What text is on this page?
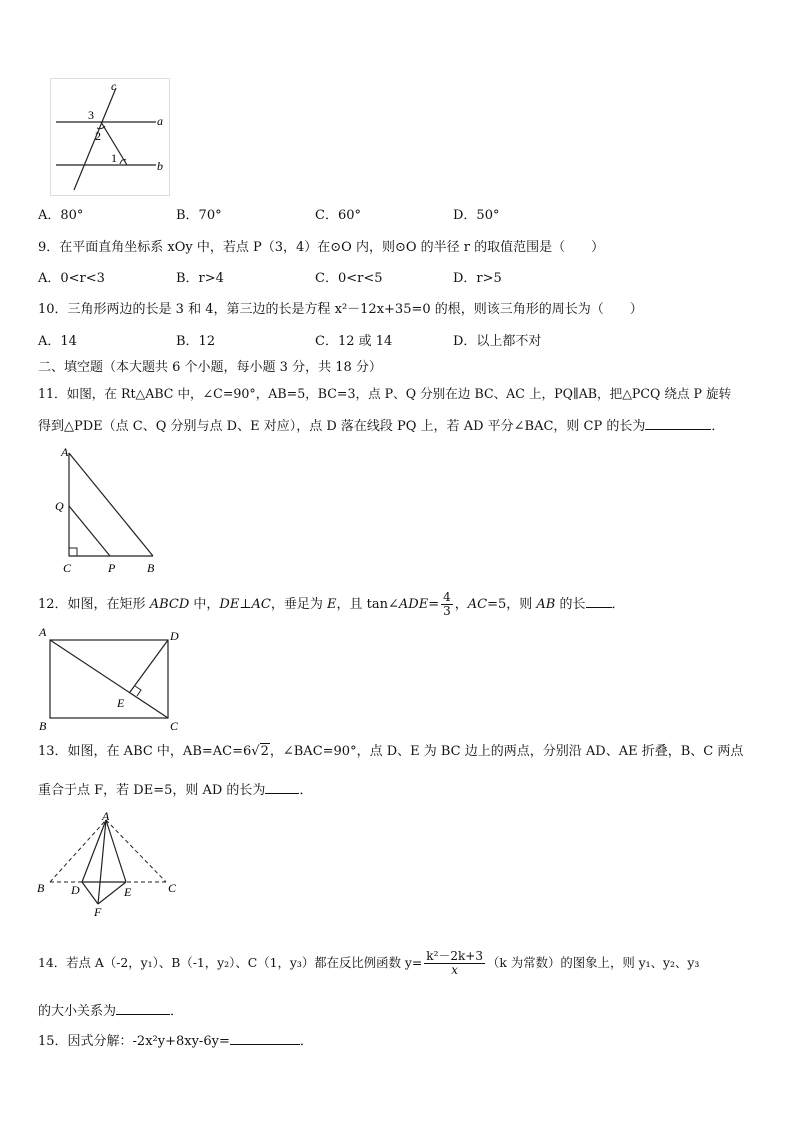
c
a
b
3
2
1
A．80°	B．70°	C．60°	D．50°
9．在平面直角坐标系 xOy 中，若点 P（3，4）在⊙O 内，则⊙O 的半径 r 的取值范围是（　　）
A．0<r<3	B．r>4	C．0<r<5	D．r>5
10．三角形两边的长是 3 和 4，第三边的长是方程 x²－12x+35=0 的根，则该三角形的周长为（　　）
A．14	B．12	C．12 或 14	D．以上都不对
二、填空题（本大题共 6 个小题，每小题 3 分，共 18 分）
11．如图，在 Rt△ABC 中，∠C=90°，AB=5，BC=3，点 P、Q 分别在边 BC、AC 上，PQ∥AB，把△PCQ 绕点 P 旋转
得到△PDE（点 C、Q 分别与点 D、E 对应），点 D 落在线段 PQ 上，若 AD 平分∠BAC，则 CP 的长为	．
A
Q
C	P	B
12．如图，在矩形 ABCD 中，DE⊥AC，垂足为 E，且 tan∠ADE= $\frac{4}{3}$ ，AC=5，则 AB 的长 ．
A	D
B	C
E
13．如图，在 ABC 中，AB=AC=6√2，∠BAC=90°，点 D、E 为 BC 边上的两点，分别沿 AD、AE 折叠，B、C 两点
重合于点 F，若 DE=5，则 AD 的长为	．
A
B	C
D	E
F
14．若点 A（-2，y₁）、B（-1，y₂）、C（1，y₃）都在反比例函数 $y= \frac{\text{k²－2k+3}}{x} (k$ 为常数）的图象上，则 y₁、y₂、y₃
的大小关系为	．
15．因式分解：-2x²y+8xy-6y=	．
